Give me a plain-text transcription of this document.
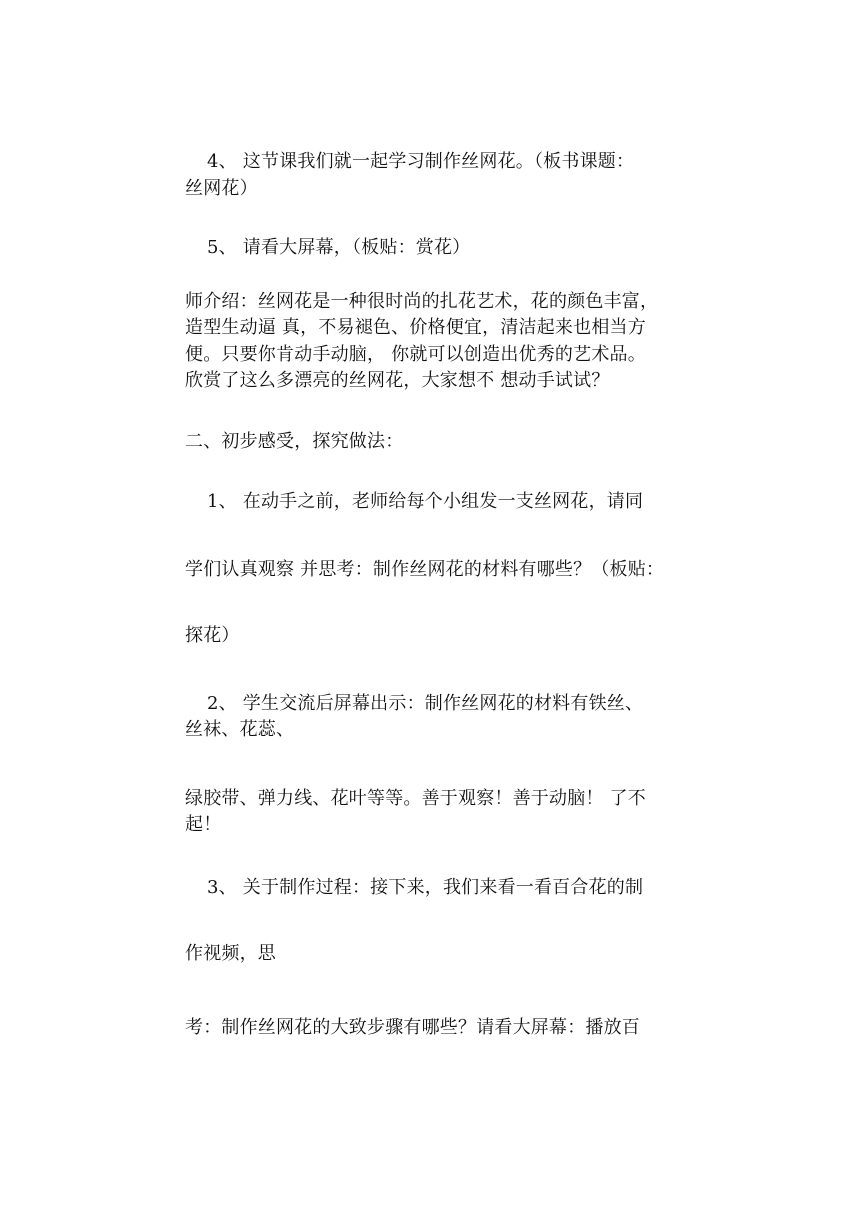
4、 这节课我们就一起学习制作丝网花。（板书课题：
丝网花）
5、 请看大屏幕，（板贴：赏花）
师介绍：丝网花是一种很时尚的扎花艺术，花的颜色丰富，
造型生动逼 真，不易褪色、价格便宜，清洁起来也相当方
便。只要你肯动手动脑， 你就可以创造出优秀的艺术品。
欣赏了这么多漂亮的丝网花，大家想不 想动手试试？
二、初步感受，探究做法：
1、 在动手之前，老师给每个小组发一支丝网花，请同
学们认真观察 并思考：制作丝网花的材料有哪些？（板贴：
探花）
2、 学生交流后屏幕出示：制作丝网花的材料有铁丝、
丝袜、花蕊、
绿胶带、弹力线、花叶等等。善于观察！善于动脑！ 了不
起！
3、 关于制作过程：接下来，我们来看一看百合花的制
作视频，思
考：制作丝网花的大致步骤有哪些？请看大屏幕：播放百
